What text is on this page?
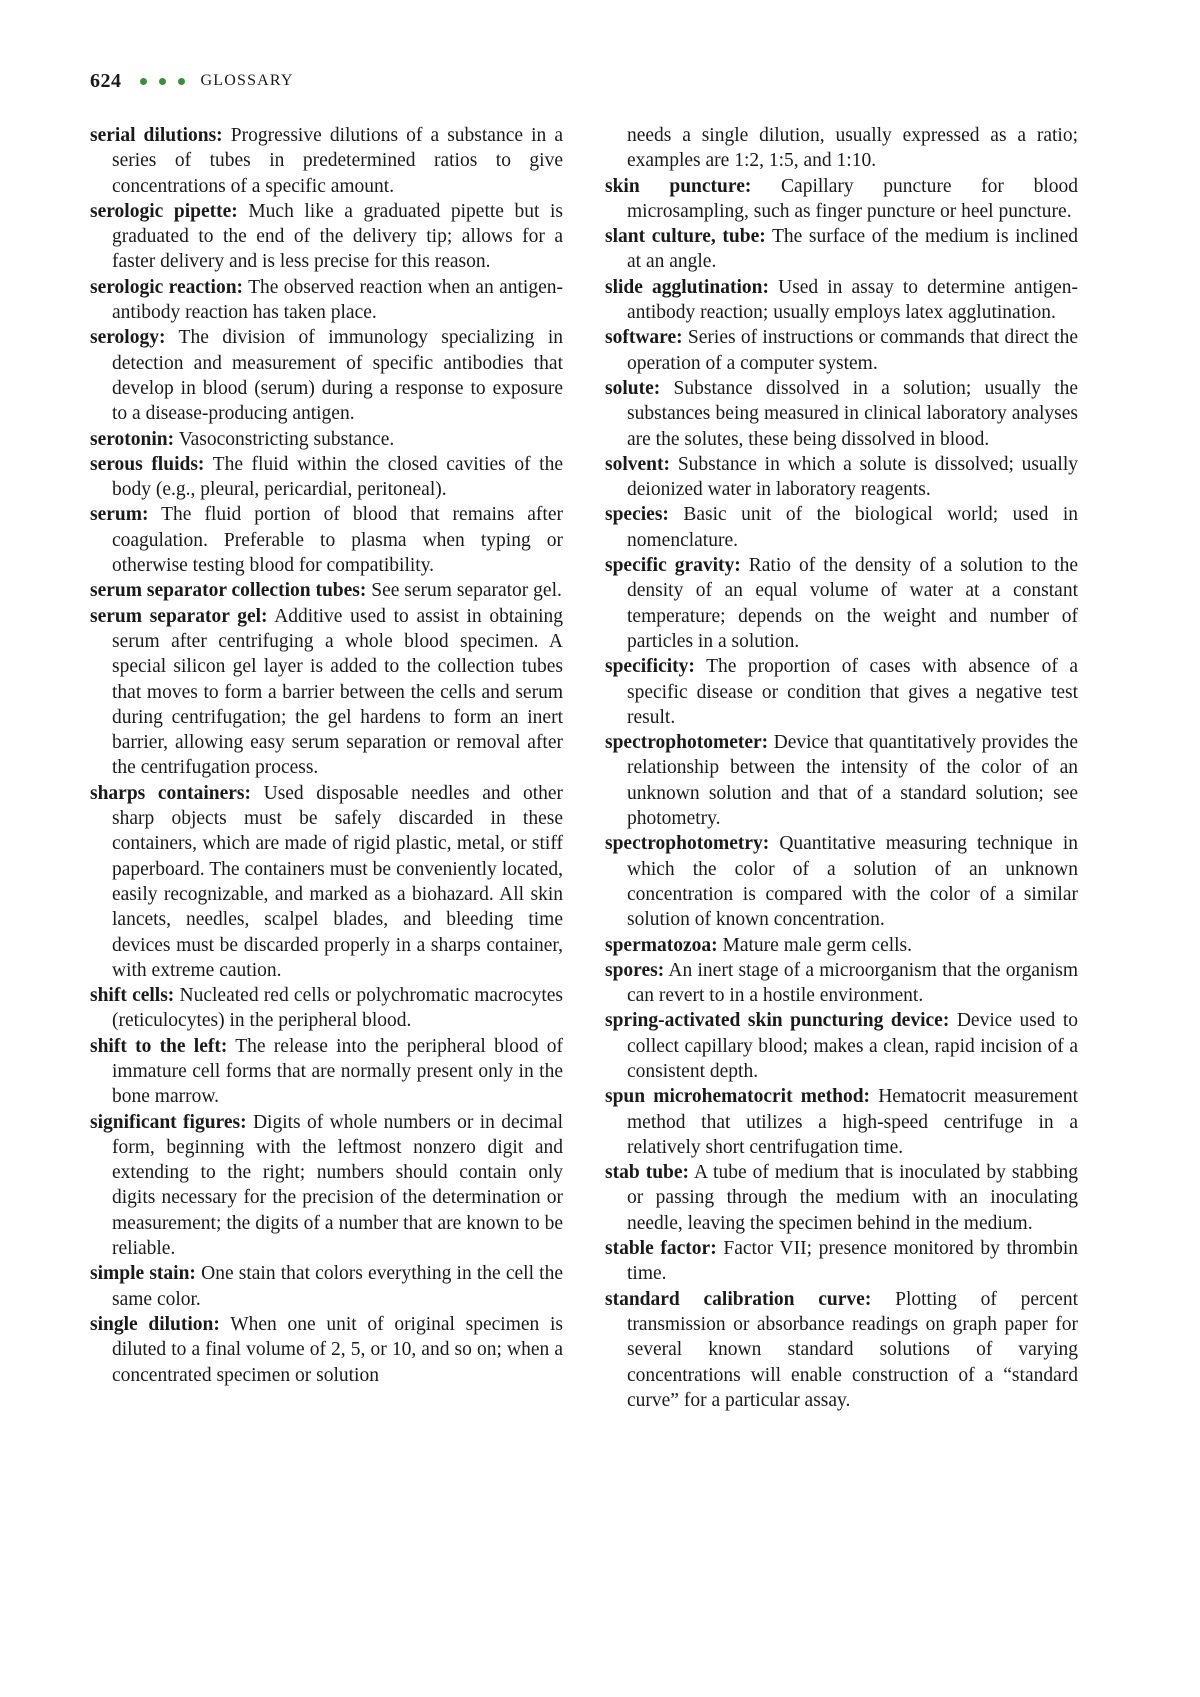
624	GLOSSARY

serial dilutions: Progressive dilutions of a substance in a series of tubes in predetermined ratios to give concentrations of a specific amount.

serologic pipette: Much like a graduated pipette but is graduated to the end of the delivery tip; allows for a faster delivery and is less precise for this reason.

serologic reaction: The observed reaction when an antigen-antibody reaction has taken place.

serology: The division of immunology specializing in detection and measurement of specific antibodies that develop in blood (serum) during a response to exposure to a disease-producing antigen.

serotonin: Vasoconstricting substance.

serous fluids: The fluid within the closed cavities of the body (e.g., pleural, pericardial, peritoneal).

serum: The fluid portion of blood that remains after coagulation. Preferable to plasma when typing or otherwise testing blood for compatibility.

serum separator collection tubes: See serum separator gel.

serum separator gel: Additive used to assist in obtaining serum after centrifuging a whole blood specimen. A special silicon gel layer is added to the collection tubes that moves to form a barrier between the cells and serum during centrifugation; the gel hardens to form an inert barrier, allowing easy serum separation or removal after the centrifugation process.

sharps containers: Used disposable needles and other sharp objects must be safely discarded in these containers, which are made of rigid plastic, metal, or stiff paperboard. The containers must be conveniently located, easily recognizable, and marked as a biohazard. All skin lancets, needles, scalpel blades, and bleeding time devices must be discarded properly in a sharps container, with extreme caution.

shift cells: Nucleated red cells or polychromatic macrocytes (reticulocytes) in the peripheral blood.

shift to the left: The release into the peripheral blood of immature cell forms that are normally present only in the bone marrow.

significant figures: Digits of whole numbers or in decimal form, beginning with the leftmost nonzero digit and extending to the right; numbers should contain only digits necessary for the precision of the determination or measurement; the digits of a number that are known to be reliable.

simple stain: One stain that colors everything in the cell the same color.

single dilution: When one unit of original specimen is diluted to a final volume of 2, 5, or 10, and so on; when a concentrated specimen or solution

needs a single dilution, usually expressed as a ratio; examples are 1:2, 1:5, and 1:10.

skin puncture: Capillary puncture for blood microsampling, such as finger puncture or heel puncture.

slant culture, tube: The surface of the medium is inclined at an angle.

slide agglutination: Used in assay to determine antigen-antibody reaction; usually employs latex agglutination.

software: Series of instructions or commands that direct the operation of a computer system.

solute: Substance dissolved in a solution; usually the substances being measured in clinical laboratory analyses are the solutes, these being dissolved in blood.

solvent: Substance in which a solute is dissolved; usually deionized water in laboratory reagents.

species: Basic unit of the biological world; used in nomenclature.

specific gravity: Ratio of the density of a solution to the density of an equal volume of water at a constant temperature; depends on the weight and number of particles in a solution.

specificity: The proportion of cases with absence of a specific disease or condition that gives a negative test result.

spectrophotometer: Device that quantitatively provides the relationship between the intensity of the color of an unknown solution and that of a standard solution; see photometry.

spectrophotometry: Quantitative measuring technique in which the color of a solution of an unknown concentration is compared with the color of a similar solution of known concentration.

spermatozoa: Mature male germ cells.

spores: An inert stage of a microorganism that the organism can revert to in a hostile environment.

spring-activated skin puncturing device: Device used to collect capillary blood; makes a clean, rapid incision of a consistent depth.

spun microhematocrit method: Hematocrit measurement method that utilizes a high-speed centrifuge in a relatively short centrifugation time.

stab tube: A tube of medium that is inoculated by stabbing or passing through the medium with an inoculating needle, leaving the specimen behind in the medium.

stable factor: Factor VII; presence monitored by thrombin time.

standard calibration curve: Plotting of percent transmission or absorbance readings on graph paper for several known standard solutions of varying concentrations will enable construction of a “standard curve” for a particular assay.
